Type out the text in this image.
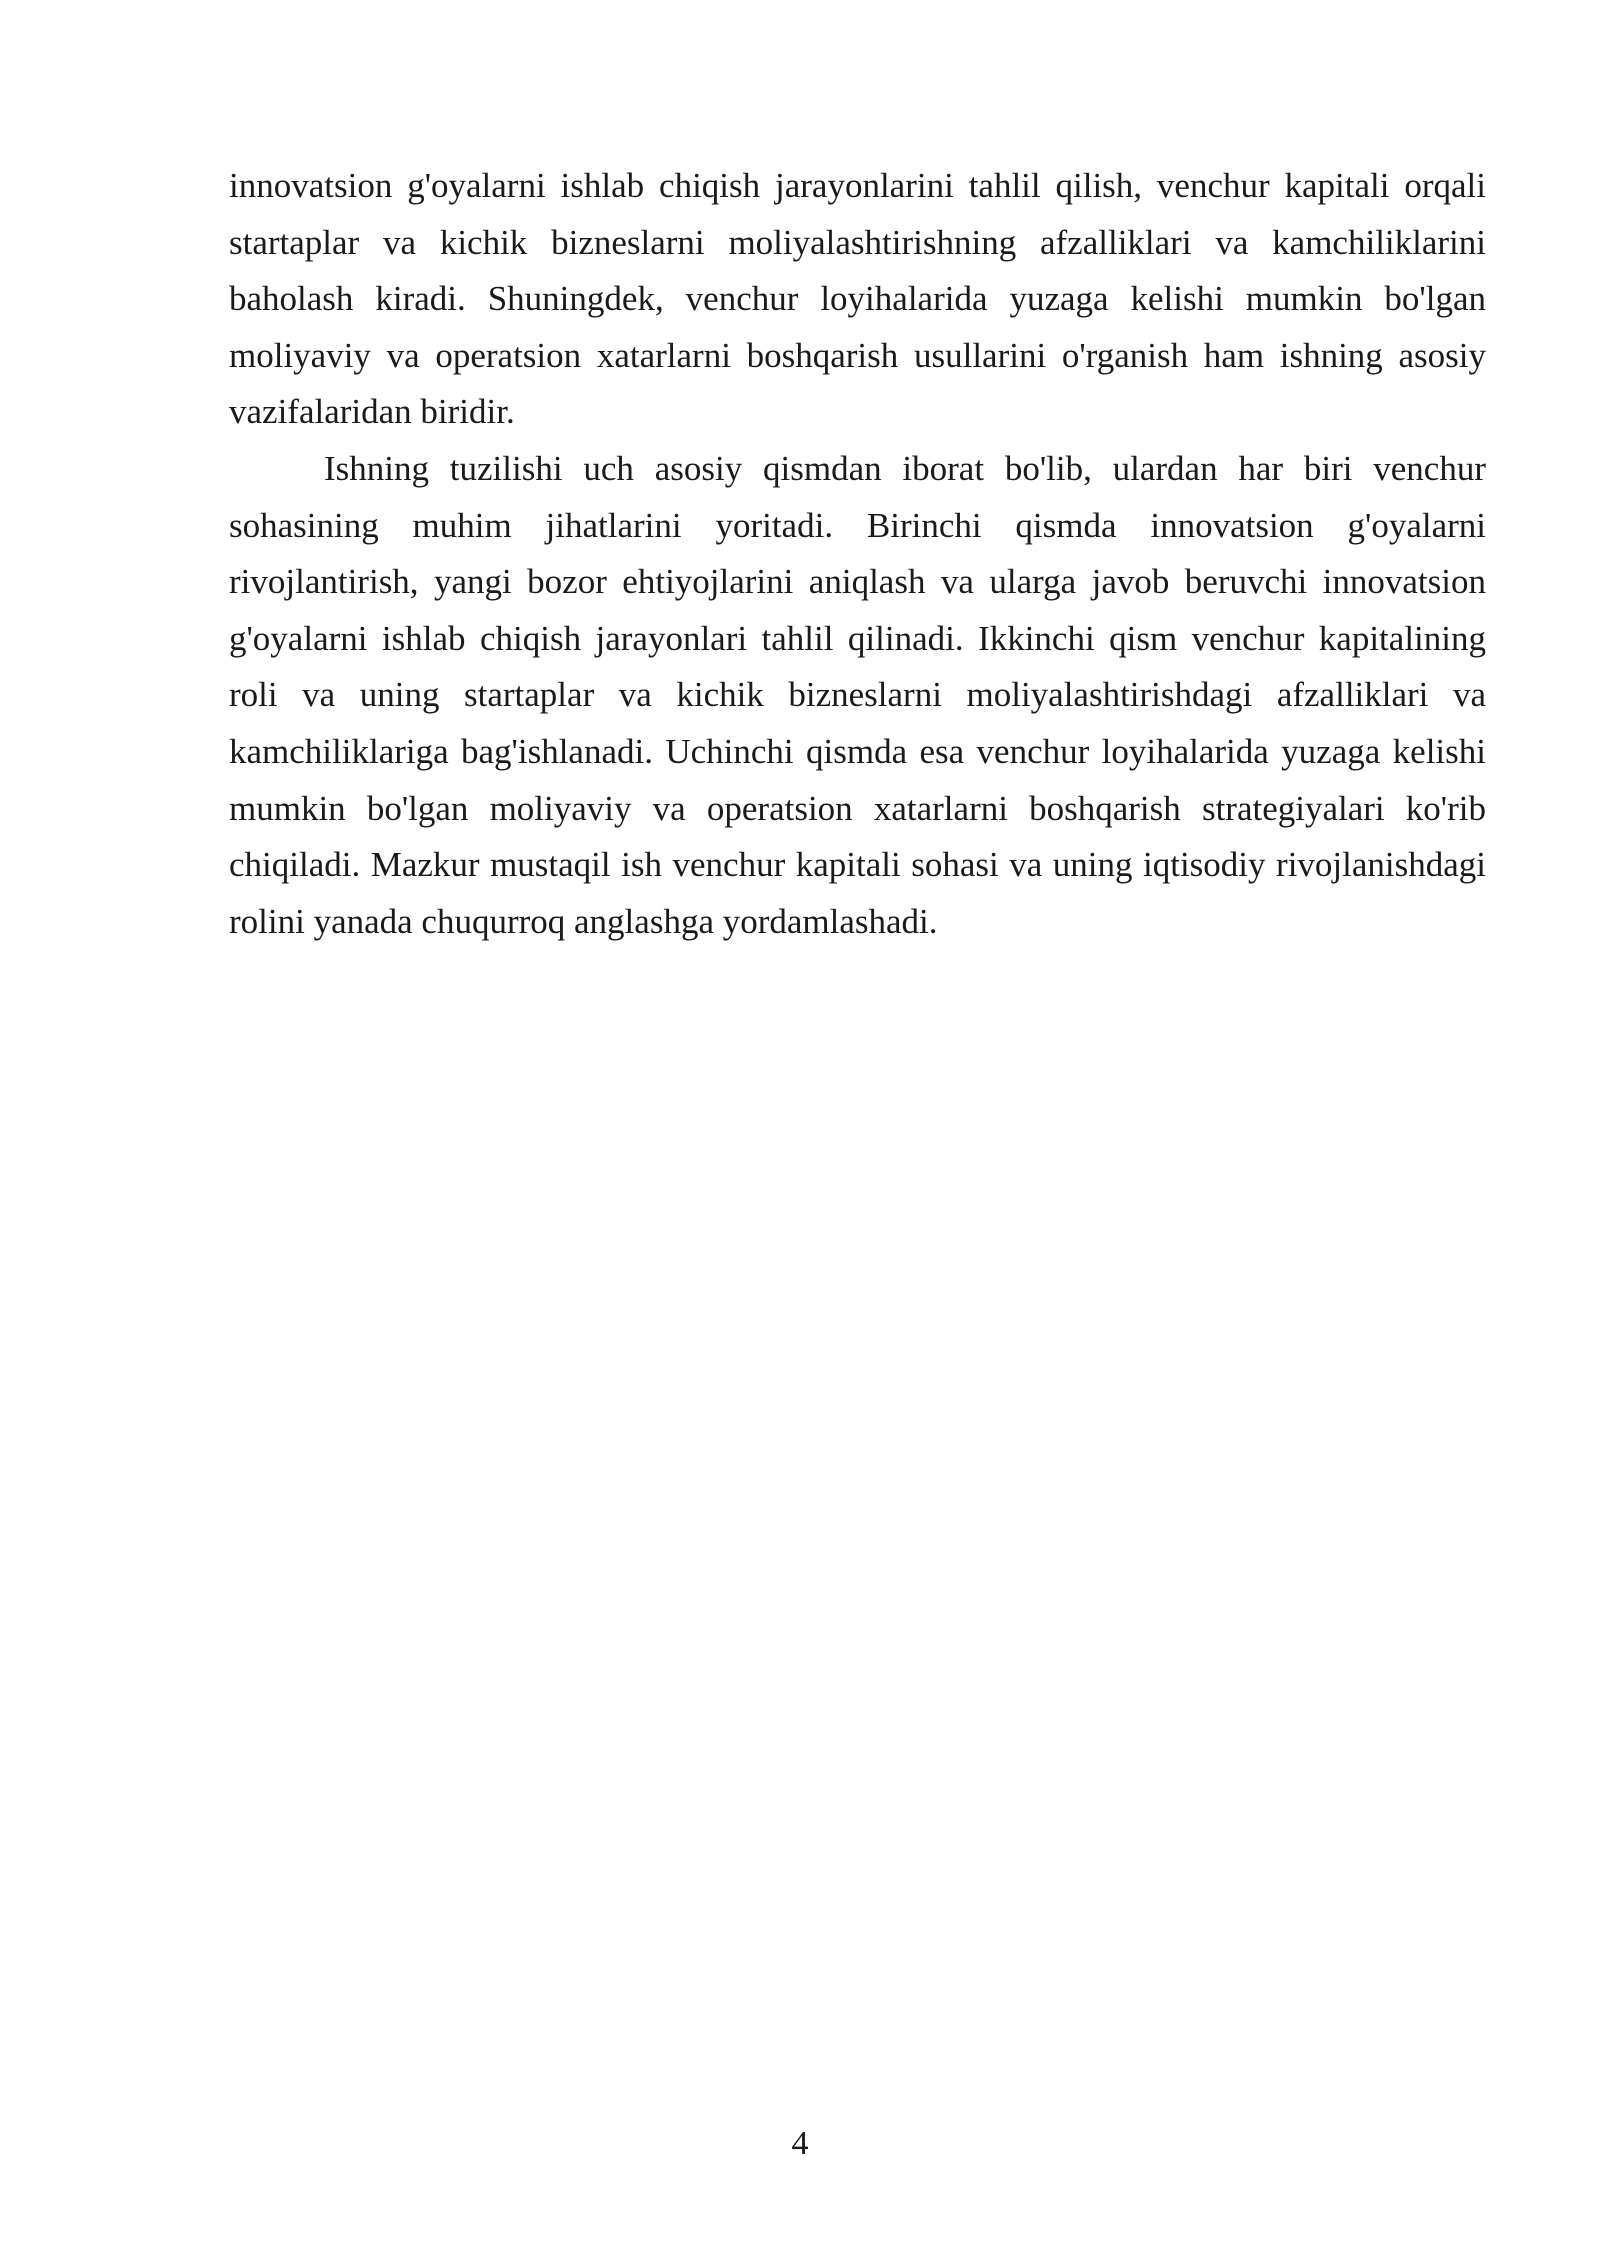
innovatsion g'oyalarni ishlab chiqish jarayonlarini tahlil qilish, venchur kapitali orqali startaplar va kichik bizneslarni moliyalashtirishning afzalliklari va kamchiliklarini baholash kiradi. Shuningdek, venchur loyihalarida yuzaga kelishi mumkin bo'lgan moliyaviy va operatsion xatarlarni boshqarish usullarini o'rganish ham ishning asosiy vazifalaridan biridir.

Ishning tuzilishi uch asosiy qismdan iborat bo'lib, ulardan har biri venchur sohasining muhim jihatlarini yoritadi. Birinchi qismda innovatsion g'oyalarni rivojlantirish, yangi bozor ehtiyojlarini aniqlash va ularga javob beruvchi innovatsion g'oyalarni ishlab chiqish jarayonlari tahlil qilinadi. Ikkinchi qism venchur kapitalining roli va uning startaplar va kichik bizneslarni moliyalashtirishdagi afzalliklari va kamchiliklariga bag'ishlanadi. Uchinchi qismda esa venchur loyihalarida yuzaga kelishi mumkin bo'lgan moliyaviy va operatsion xatarlarni boshqarish strategiyalari ko'rib chiqiladi. Mazkur mustaqil ish venchur kapitali sohasi va uning iqtisodiy rivojlanishdagi rolini yanada chuqurroq anglashga yordamlashadi.

4
